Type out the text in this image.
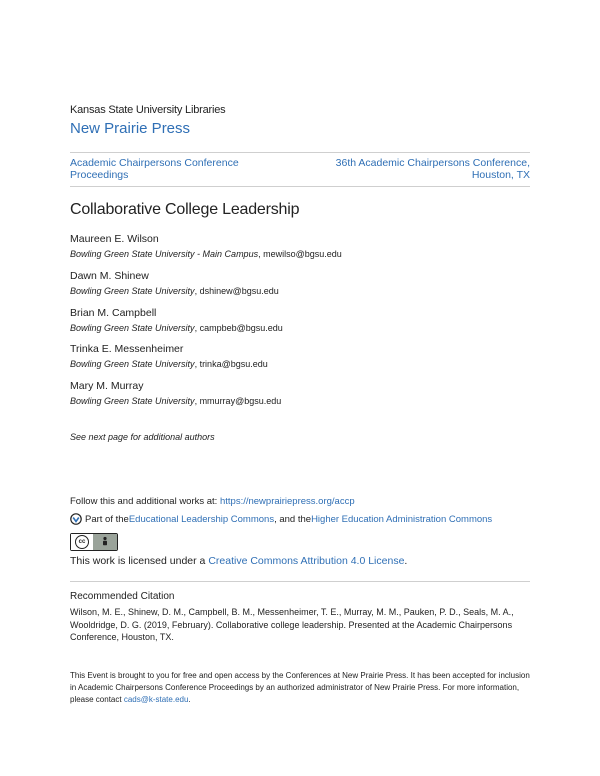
Kansas State University Libraries
New Prairie Press
Academic Chairpersons Conference Proceedings
36th Academic Chairpersons Conference,
Houston, TX
Collaborative College Leadership
Maureen E. Wilson
Bowling Green State University - Main Campus, mewilso@bgsu.edu
Dawn M. Shinew
Bowling Green State University, dshinew@bgsu.edu
Brian M. Campbell
Bowling Green State University, campbeb@bgsu.edu
Trinka E. Messenheimer
Bowling Green State University, trinka@bgsu.edu
Mary M. Murray
Bowling Green State University, mmurray@bgsu.edu
See next page for additional authors
Follow this and additional works at: https://newprairiepress.org/accp
Part of the Educational Leadership Commons , and the Higher Education Administration Commons
cc
This work is licensed under a Creative Commons Attribution 4.0 License.
Recommended Citation
Wilson, M. E., Shinew, D. M., Campbell, B. M., Messenheimer, T. E., Murray, M. M., Pauken, P. D., Seals, M. A., Wooldridge, D. G. (2019, February). Collaborative college leadership. Presented at the Academic Chairpersons Conference, Houston, TX.
This Event is brought to you for free and open access by the Conferences at New Prairie Press. It has been accepted for inclusion in Academic Chairpersons Conference Proceedings by an authorized administrator of New Prairie Press. For more information, please contact cads@k-state.edu.
